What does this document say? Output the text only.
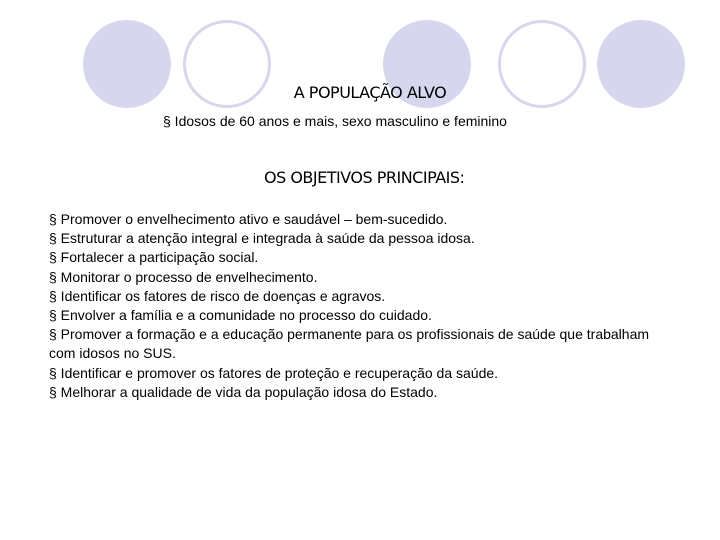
A POPULAÇÃO ALVO
§ Idosos de 60 anos e mais, sexo masculino e feminino
OS OBJETIVOS PRINCIPAIS:
§ Promover o envelhecimento ativo e saudável – bem-sucedido.
§ Estruturar a atenção integral e integrada à saúde da pessoa idosa.
§ Fortalecer a participação social.
§ Monitorar o processo de envelhecimento.
§ Identificar os fatores de risco de doenças e agravos.
§ Envolver a família e a comunidade no processo do cuidado.
§ Promover a formação e a educação permanente para os profissionais de saúde que trabalham com idosos no SUS.
§ Identificar e promover os fatores de proteção e recuperação da saúde.
§ Melhorar a qualidade de vida da população idosa do Estado.
